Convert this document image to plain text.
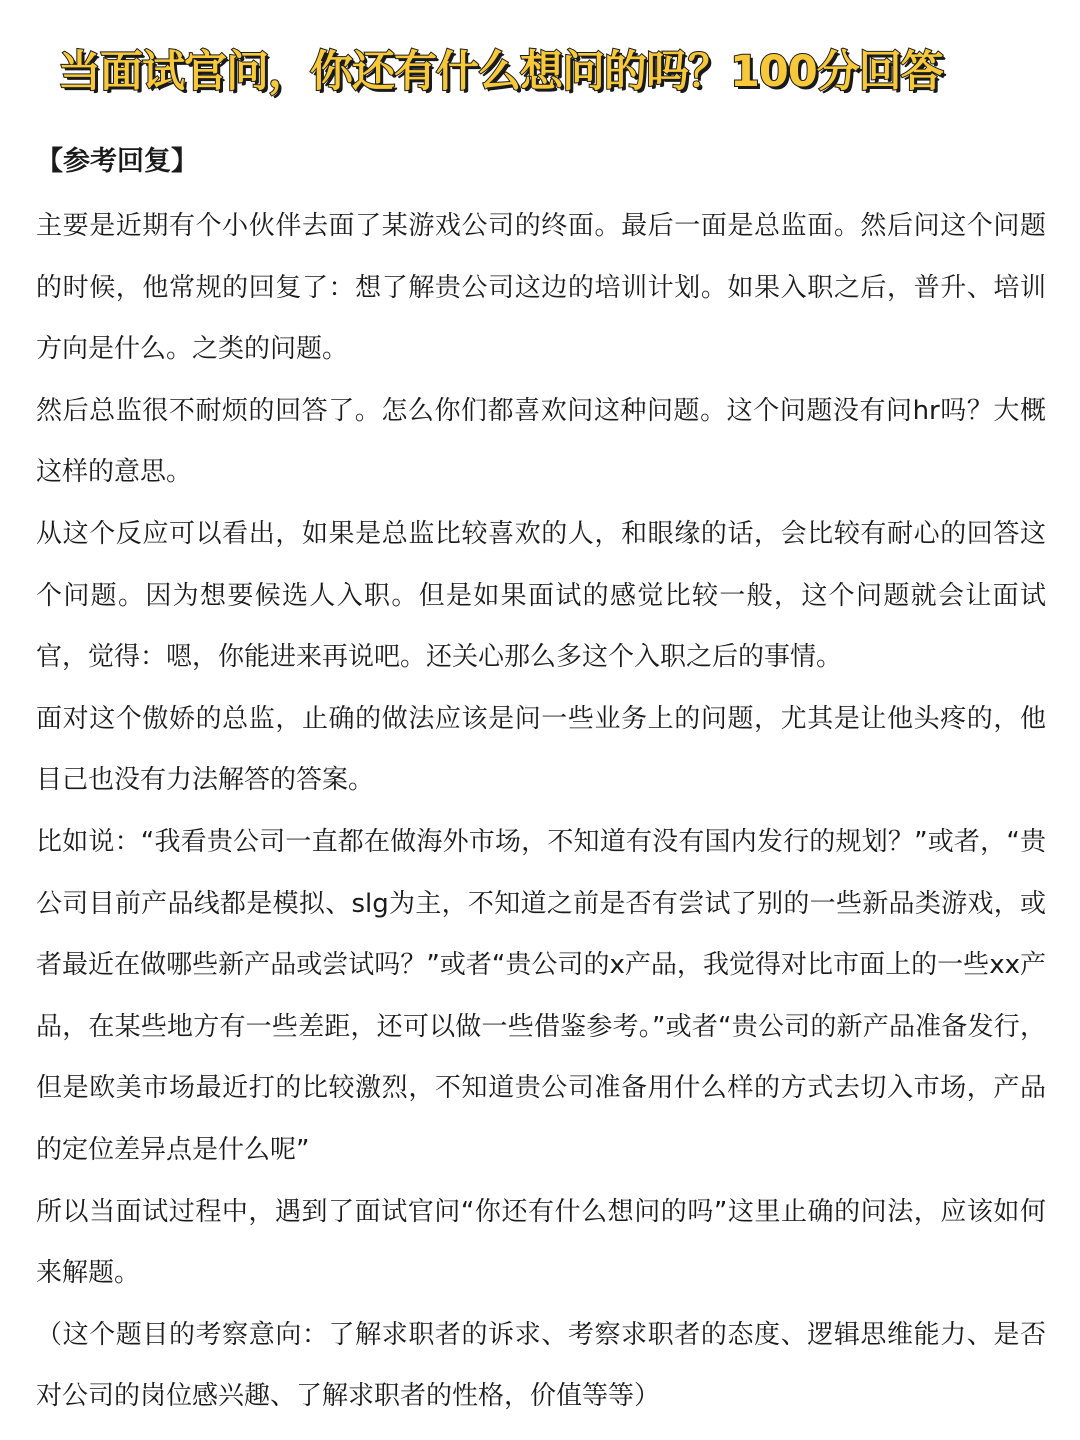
当面试官问，你还有什么想问的吗？100分回答

【参考回复】

主要是近期有个小伙伴去面了某游戏公司的终面。最后一面是总监面。然后问这个问题的时候，他常规的回复了：想了解贵公司这边的培训计划。如果入职之后，普升、培训方向是什么。之类的问题。

然后总监很不耐烦的回答了。怎么你们都喜欢问这种问题。这个问题没有问hr吗？大概这样的意思。

从这个反应可以看出，如果是总监比较喜欢的人，和眼缘的话，会比较有耐心的回答这个问题。因为想要候选人入职。但是如果面试的感觉比较一般，这个问题就会让面试官，觉得：嗯，你能进来再说吧。还关心那么多这个入职之后的事情。

面对这个傲娇的总监，止确的做法应该是问一些业务上的问题，尤其是让他头疼的，他目己也没有力法解答的答案。

比如说：“我看贵公司一直都在做海外市场，不知道有没有国内发行的规划？”或者，“贵公司目前产品线都是模拟、slg为主，不知道之前是否有尝试了别的一些新品类游戏，或者最近在做哪些新产品或尝试吗？”或者“贵公司的x产品，我觉得对比市面上的一些xx产品，在某些地方有一些差距，还可以做一些借鉴参考。”或者“贵公司的新产品准备发行，但是欧美市场最近打的比较激烈，不知道贵公司准备用什么样的方式去切入市场，产品的定位差异点是什么呢”

所以当面试过程中，遇到了面试官问“你还有什么想问的吗”这里止确的问法，应该如何来解题。

（这个题目的考察意向：了解求职者的诉求、考察求职者的态度、逻辑思维能力、是否对公司的岗位感兴趣、了解求职者的性格，价值等等）
